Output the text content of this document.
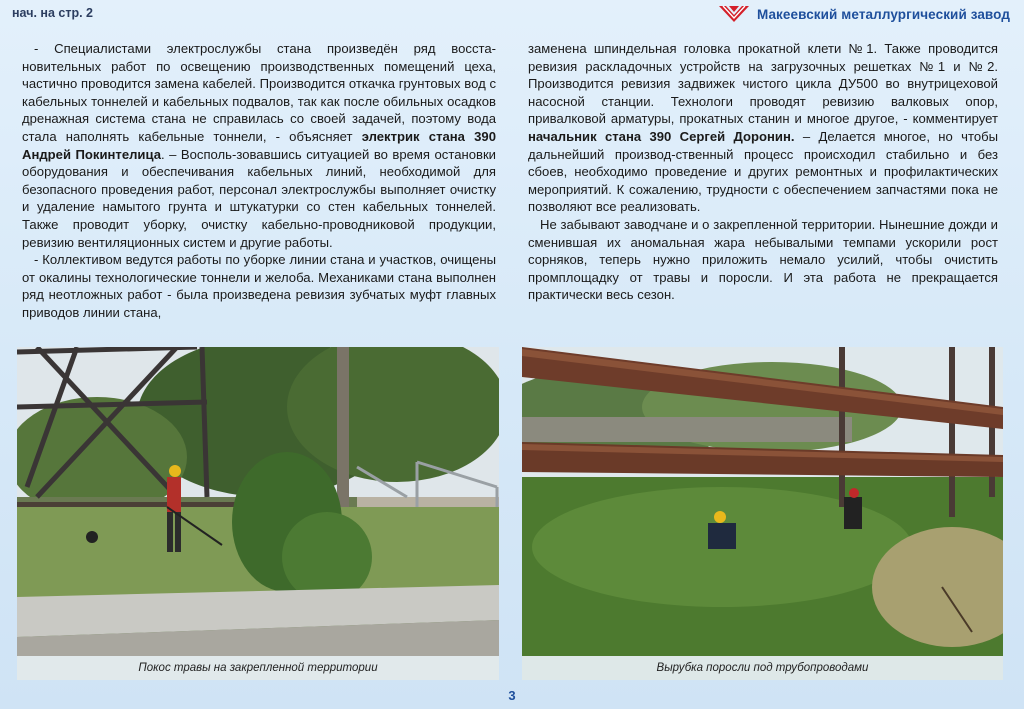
нач. на стр. 2	Макеевский металлургический завод

- Специалистами электрослужбы стана произведён ряд восста-новительных работ по освещению производственных помещений цеха, частично проводится замена кабелей. Производится откачка грунтовых вод с кабельных тоннелей и кабельных подвалов, так как после обильных осадков дренажная система стана не справилась со своей задачей, поэтому вода стала наполнять кабельные тоннели, - объясняет электрик стана 390 Андрей Покинтелица. – Восполь-зовавшись ситуацией во время остановки оборудования и обеспечивания кабельных линий, необходимой для безопасного проведения работ, персонал электрослужбы выполняет очистку и удаление намытого грунта и штукатурки со стен кабельных тоннелей. Также проводит уборку, очистку кабельно-проводниковой продукции, ревизию вентиляционных систем и другие работы.

- Коллективом ведутся работы по уборке линии стана и участков, очищены от окалины технологические тоннели и желоба. Механиками стана выполнен ряд неотложных работ - была произведена ревизия зубчатых муфт главных приводов линии стана,

заменена шпиндельная головка прокатной клети №1. Также проводится ревизия раскладочных устройств на загрузочных решетках №1 и №2. Производится ревизия задвижек чистого цикла ДУ500 во внутрицеховой насосной станции. Технологи проводят ревизию валковых опор, привалковой арматуры, прокатных станин и многое другое, - комментирует начальник стана 390 Сергей Доронин. – Делается многое, но чтобы дальнейший производ-ственный процесс происходил стабильно и без сбоев, необходимо проведение и других ремонтных и профилактических мероприятий. К сожалению, трудности с обеспечением запчастями пока не позволяют все реализовать.

Не забывают заводчане и о закрепленной территории. Нынешние дожди и сменившая их аномальная жара небывалыми темпами ускорили рост сорняков, теперь нужно приложить немало усилий, чтобы очистить промплощадку от травы и поросли. И эта работа не прекращается практически весь сезон.

Покос травы на закрепленной территории	Вырубка поросли под трубопроводами
3
